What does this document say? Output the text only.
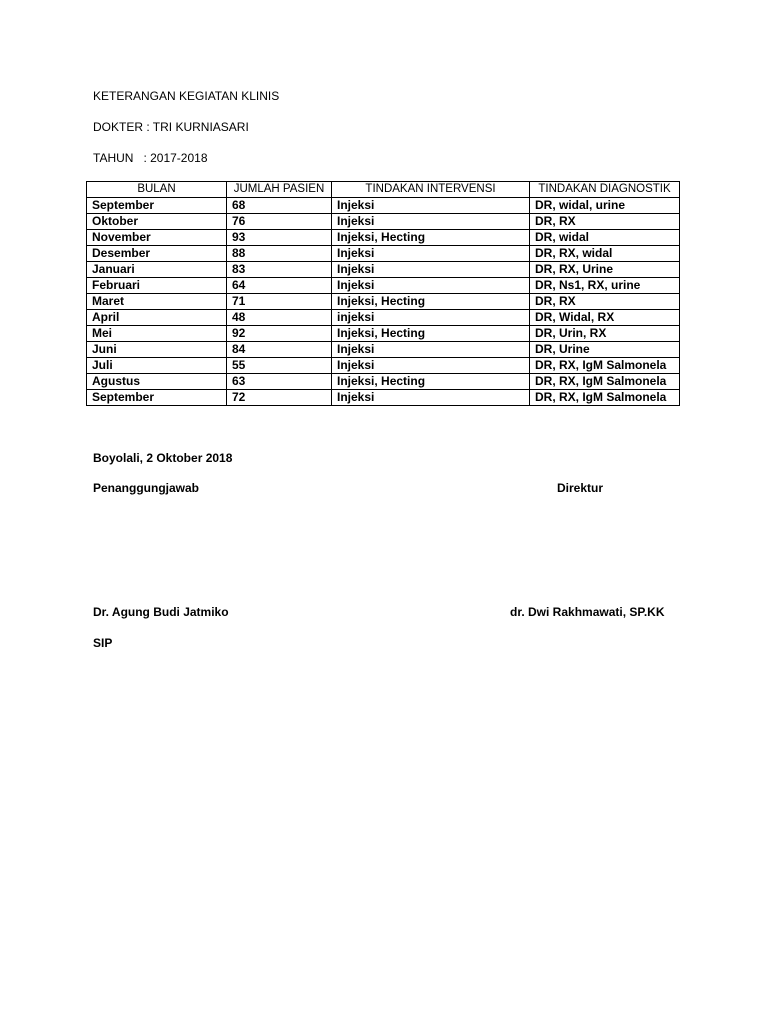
KETERANGAN KEGIATAN KLINIS
DOKTER : TRI KURNIASARI
TAHUN   : 2017-2018
BULAN	JUMLAH PASIEN	TINDAKAN INTERVENSI	TINDAKAN DIAGNOSTIK
September	68	Injeksi	DR, widal, urine
Oktober	76	Injeksi	DR, RX
November	93	Injeksi, Hecting	DR, widal
Desember	88	Injeksi	DR, RX, widal
Januari	83	Injeksi	DR, RX, Urine
Februari	64	Injeksi	DR, Ns1, RX, urine
Maret	71	Injeksi, Hecting	DR, RX
April	48	injeksi	DR, Widal, RX
Mei	92	Injeksi, Hecting	DR, Urin, RX
Juni	84	Injeksi	DR, Urine
Juli	55	Injeksi	DR, RX, IgM Salmonela
Agustus	63	Injeksi, Hecting	DR, RX, IgM Salmonela
September	72	Injeksi	DR, RX, IgM Salmonela
Boyolali, 2 Oktober 2018
Penanggungjawab	Direktur
Dr. Agung Budi Jatmiko	dr. Dwi Rakhmawati, SP.KK
SIP
